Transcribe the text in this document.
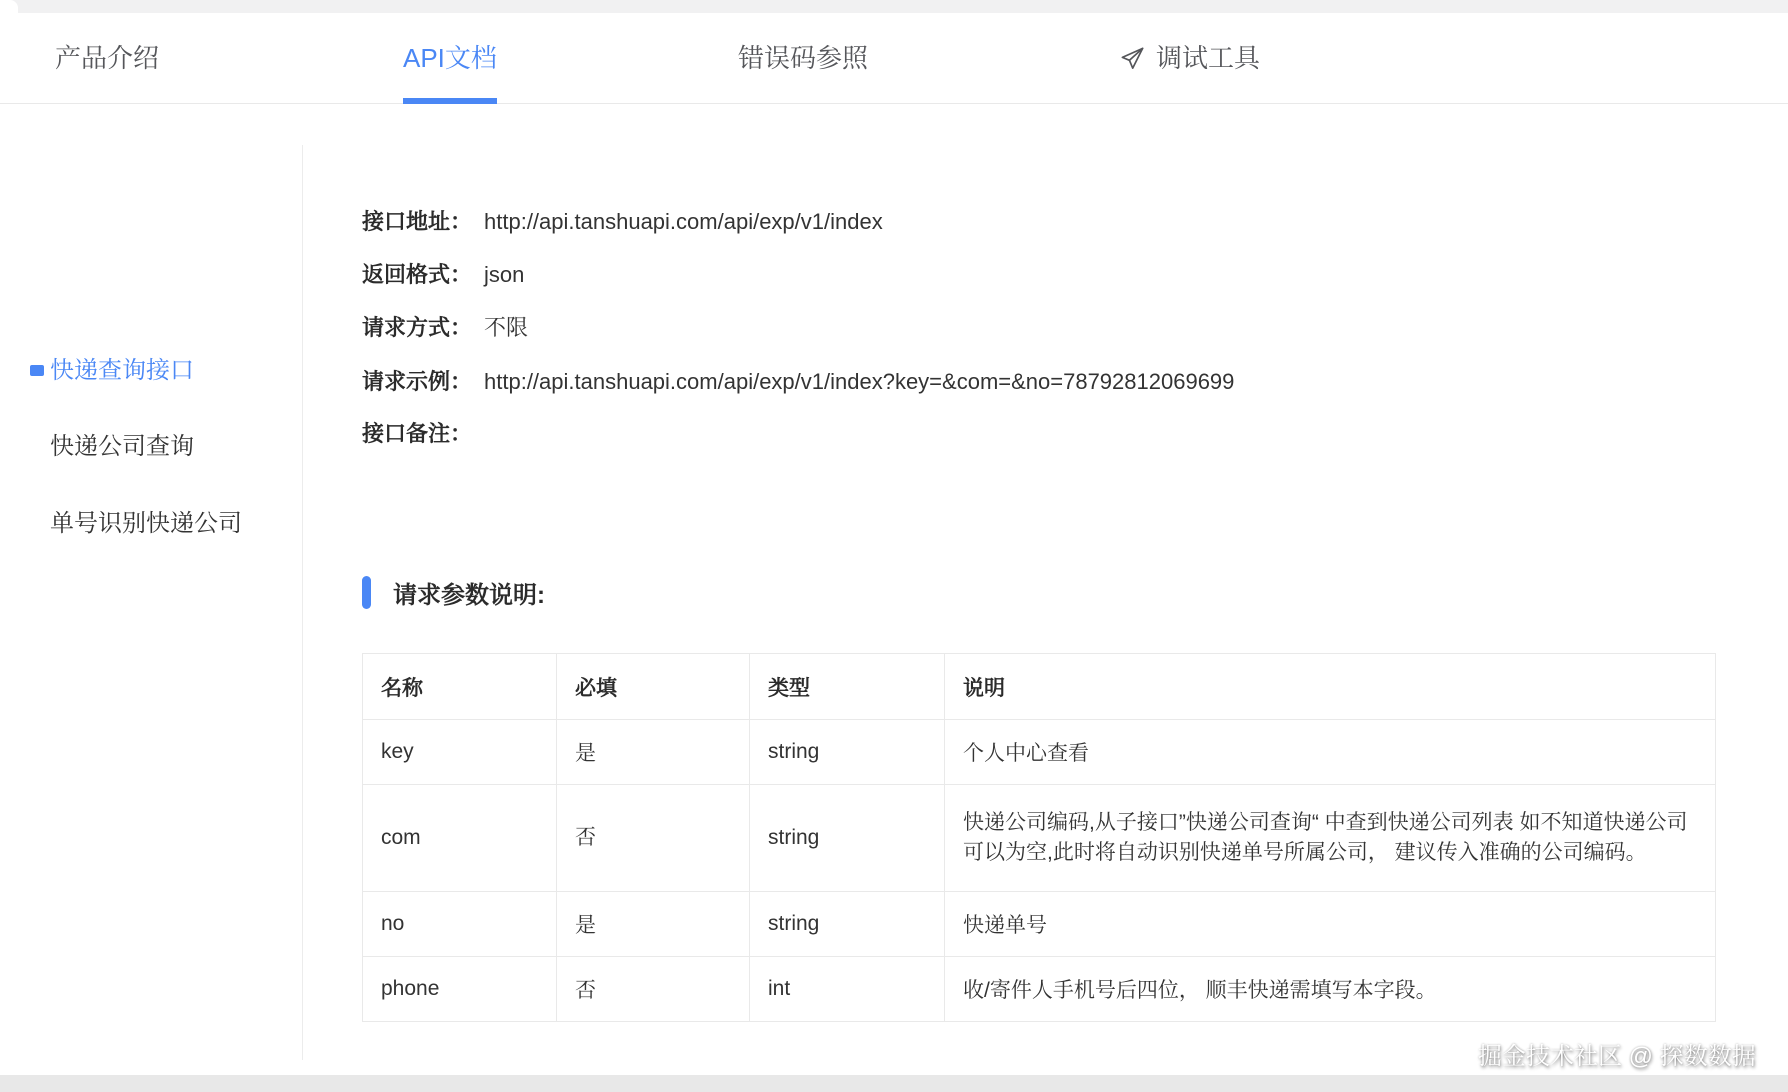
产品介绍	API文档	错误码参照	调试工具
快递查询接口
快递公司查询
单号识别快递公司
接口地址： http://api.tanshuapi.com/api/exp/v1/index
返回格式： json
请求方式： 不限
请求示例： http://api.tanshuapi.com/api/exp/v1/index?key=&com=&no=78792812069699
接口备注：
请求参数说明:
名称	必填	类型	说明
key	是	string	个人中心查看
com	否	string	快递公司编码,从子接口”快递公司查询“ 中查到快递公司列表 如不知道快递公司可以为空,此时将自动识别快递单号所属公司， 建议传入准确的公司编码。
no	是	string	快递单号
phone	否	int	收/寄件人手机号后四位， 顺丰快递需填写本字段。
掘金技术社区 @ 探数数据
